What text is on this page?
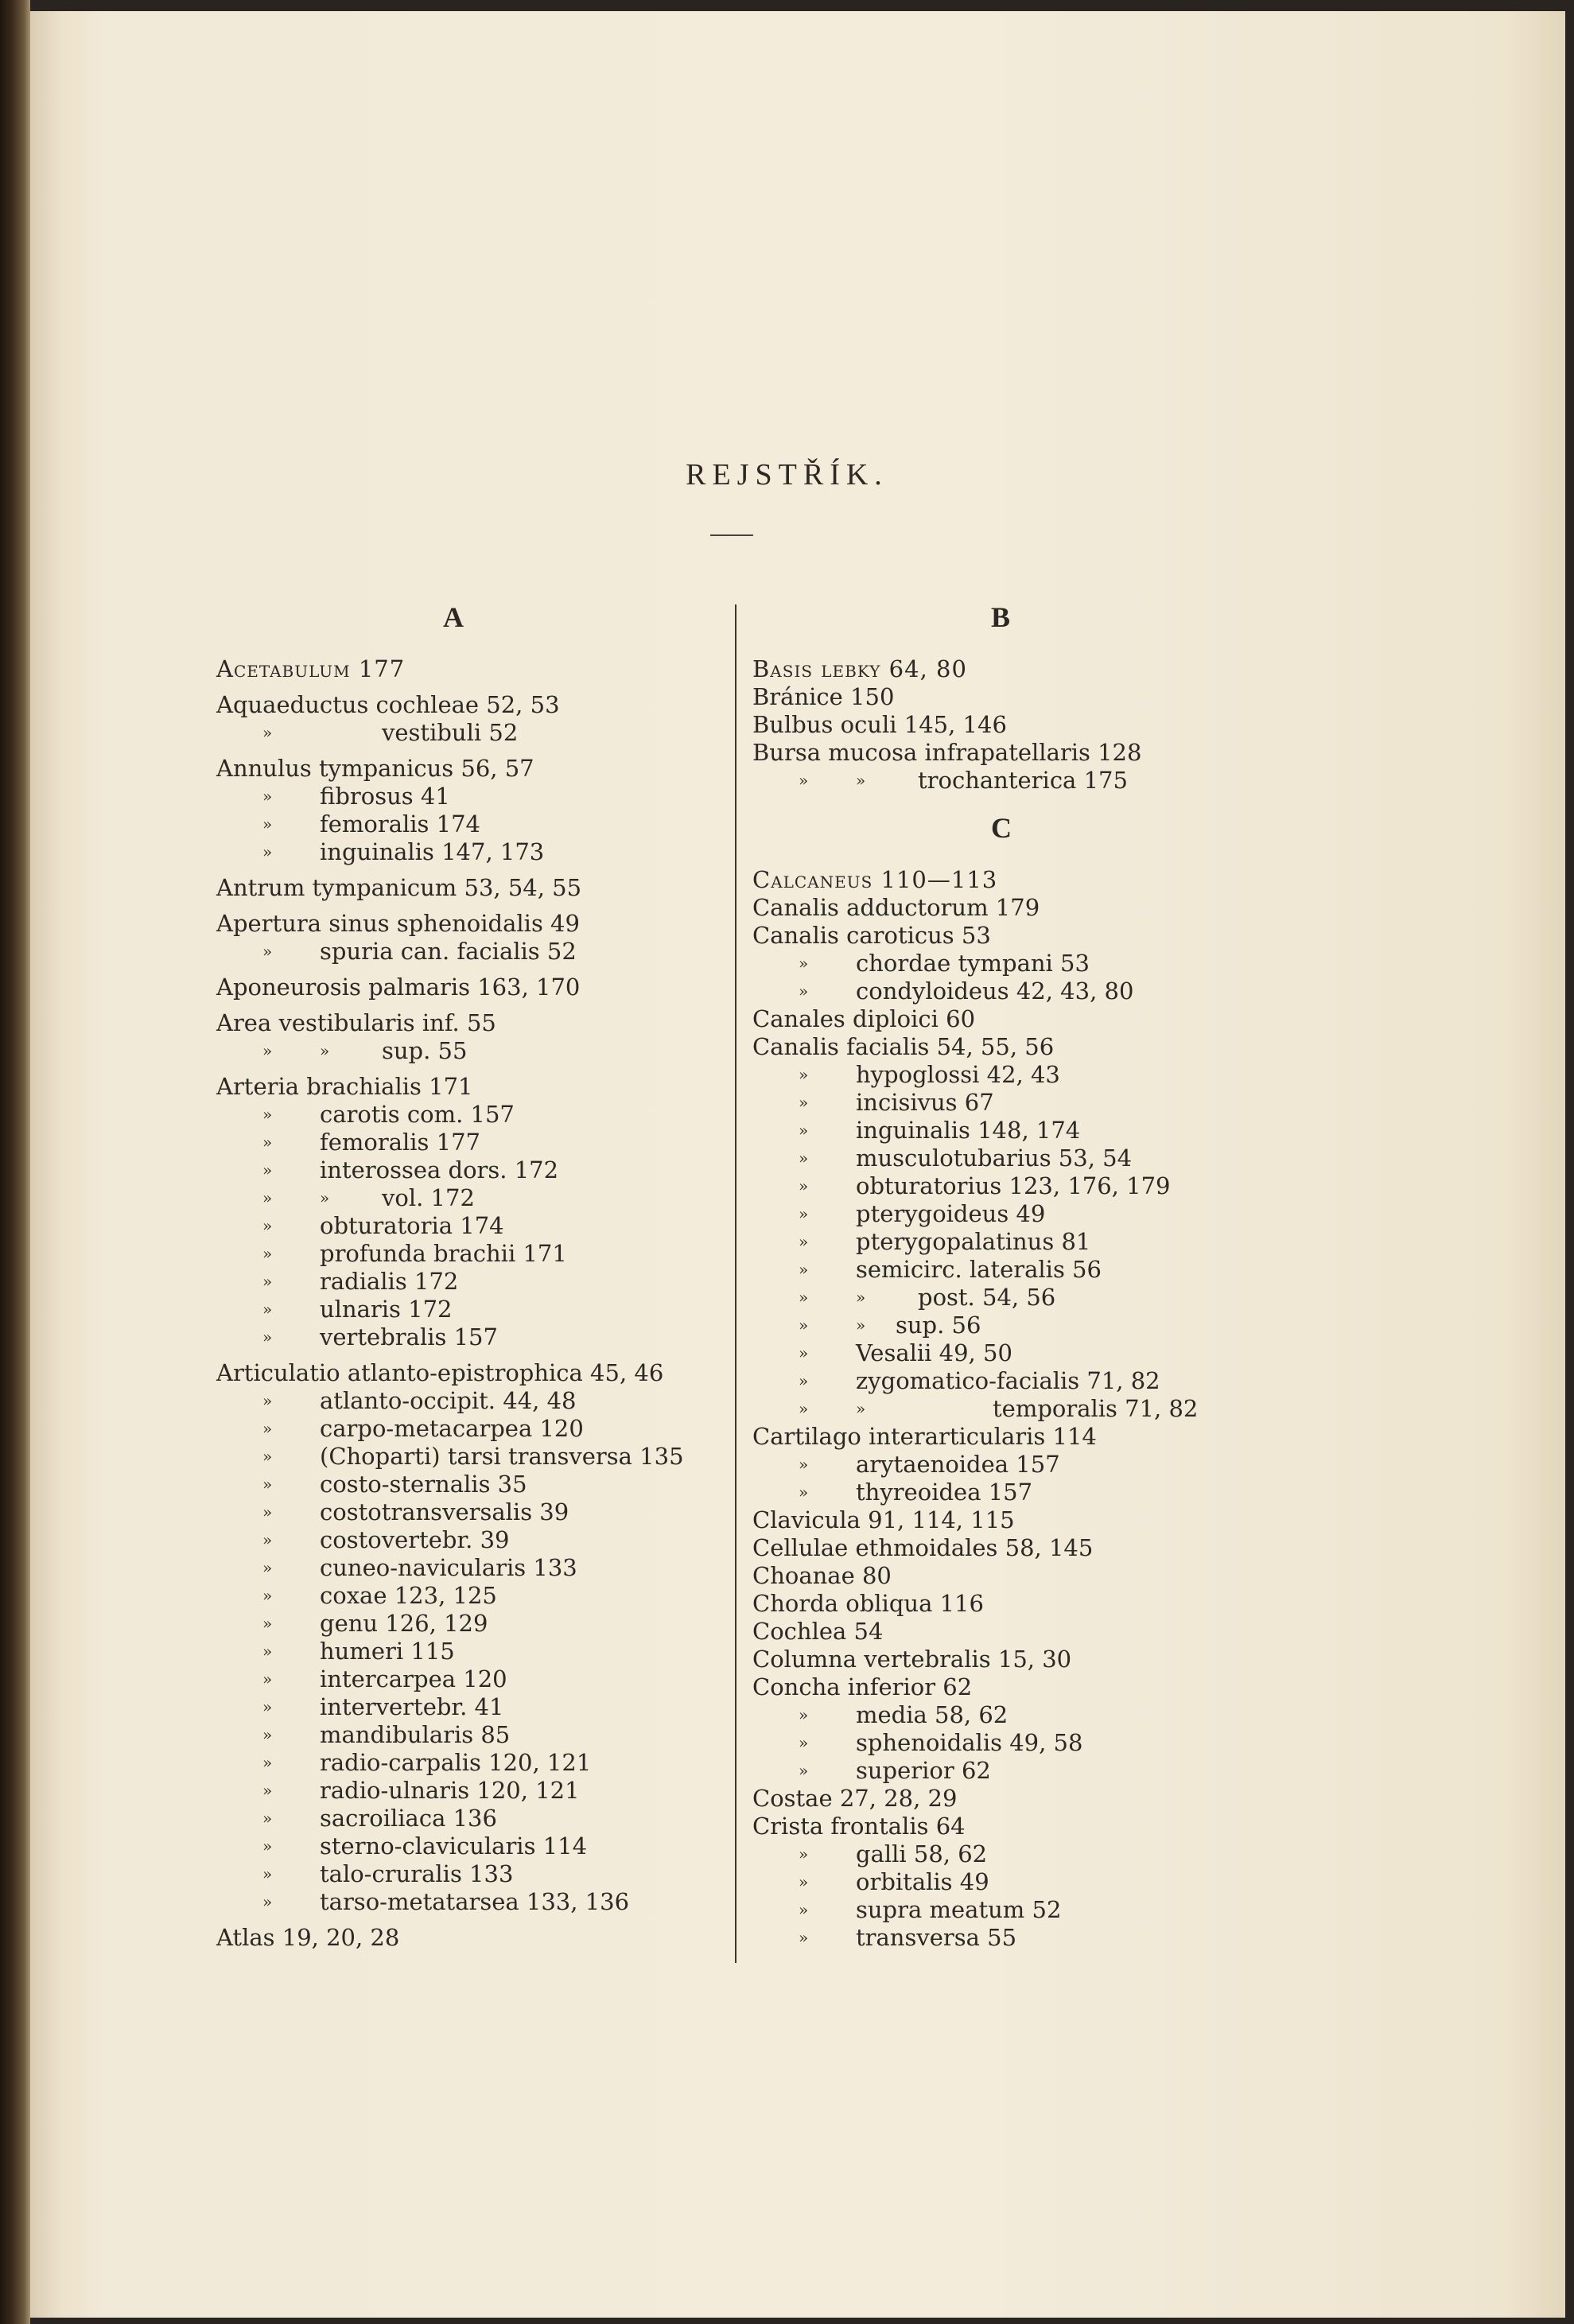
REJSTŘÍK.
A
Acetabulum 177
Aquaeductus cochleae 52, 53
»	vestibuli 52
Annulus tympanicus 56, 57
» fibrosus 41
» femoralis 174
» inguinalis 147, 173
Antrum tympanicum 53, 54, 55
Apertura sinus sphenoidalis 49
» spuria can. facialis 52
Aponeurosis palmaris 163, 170
Area vestibularis inf. 55
»	» sup. 55
Arteria brachialis 171
» carotis com. 157
» femoralis 177
» interossea dors. 172
»	» vol. 172
» obturatoria 174
» profunda brachii 171
» radialis 172
» ulnaris 172
» vertebralis 157
Articulatio atlanto-epistrophica 45, 46
» atlanto-occipit. 44, 48
» carpo-metacarpea 120
» (Choparti) tarsi transversa 135
» costo-sternalis 35
» costotransversalis 39
» costovertebr. 39
» cuneo-navicularis 133
» coxae 123, 125
» genu 126, 129
» humeri 115
» intercarpea 120
» intervertebr. 41
» mandibularis 85
» radio-carpalis 120, 121
» radio-ulnaris 120, 121
» sacroiliaca 136
» sterno-clavicularis 114
» talo-cruralis 133
» tarso-metatarsea 133, 136
Atlas 19, 20, 28
B
Basis lebky 64, 80
Bránice 150
Bulbus oculi 145, 146
Bursa mucosa infrapatellaris 128
»	» trochanterica 175
C
Calcaneus 110—113
Canalis adductorum 179
Canalis caroticus 53
» chordae tympani 53
» condyloideus 42, 43, 80
Canales diploici 60
Canalis facialis 54, 55, 56
» hypoglossi 42, 43
» incisivus 67
» inguinalis 148, 174
» musculotubarius 53, 54
» obturatorius 123, 176, 179
» pterygoideus 49
» pterygopalatinus 81
» semicirc. lateralis 56
»	» post. 54, 56
»	» sup. 56
» Vesalii 49, 50
» zygomatico-facialis 71, 82
»	»	temporalis 71, 82
Cartilago interarticularis 114
» arytaenoidea 157
» thyreoidea 157
Clavicula 91, 114, 115
Cellulae ethmoidales 58, 145
Choanae 80
Chorda obliqua 116
Cochlea 54
Columna vertebralis 15, 30
Concha inferior 62
» media 58, 62
» sphenoidalis 49, 58
» superior 62
Costae 27, 28, 29
Crista frontalis 64
» galli 58, 62
» orbitalis 49
» supra meatum 52
» transversa 55
